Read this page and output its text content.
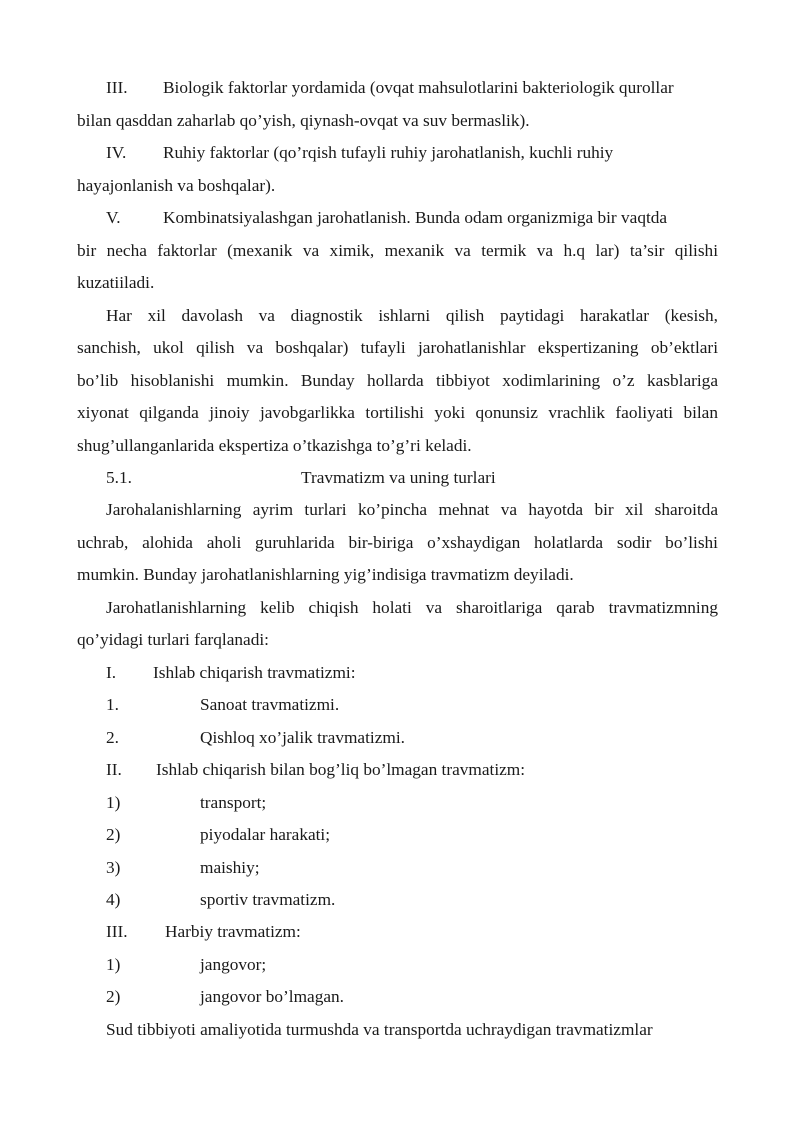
III. Biologik faktorlar yordamida (ovqat mahsulotlarini bakteriologik qurollar
bilan qasddan zaharlab qo’yish, qiynash-ovqat va suv bermaslik).
IV. Ruhiy faktorlar (qo’rqish tufayli ruhiy jarohatlanish, kuchli ruhiy
hayajonlanish va boshqalar).
V. Kombinatsiyalashgan jarohatlanish. Bunda odam organizmiga bir vaqtda
bir necha faktorlar (mexanik va ximik, mexanik va termik va h.q lar) ta’sir qilishi
kuzatiiladi.
Har xil davolash va diagnostik ishlarni qilish paytidagi harakatlar (kesish,
sanchish, ukol qilish va boshqalar) tufayli jarohatlanishlar ekspertizaning ob’ektlari
bo’lib hisoblanishi mumkin. Bunday hollarda tibbiyot xodimlarining o’z kasblariga
xiyonat qilganda jinoiy javobgarlikka tortilishi yoki qonunsiz vrachlik faoliyati bilan
shug’ullanganlarida ekspertiza o’tkazishga to’g’ri keladi.
5.1.	Travmatizm va uning turlari
Jarohalanishlarning ayrim turlari ko’pincha mehnat va hayotda bir xil sharoitda
uchrab, alohida aholi guruhlarida bir-biriga o’xshaydigan holatlarda sodir bo’lishi
mumkin. Bunday jarohatlanishlarning yig’indisiga travmatizm deyiladi.
Jarohatlanishlarning kelib chiqish holati va sharoitlariga qarab travmatizmning
qo’yidagi turlari farqlanadi:
I. Ishlab chiqarish travmatizmi:
1.	Sanoat travmatizmi.
2.	Qishloq xo’jalik travmatizmi.
II. Ishlab chiqarish bilan bog’liq bo’lmagan travmatizm:
1)	transport;
2)	piyodalar harakati;
3)	maishiy;
4)	sportiv travmatizm.
III. Harbiy travmatizm:
1)	jangovor;
2)	jangovor bo’lmagan.
Sud tibbiyoti amaliyotida turmushda va transportda uchraydigan travmatizmlar
